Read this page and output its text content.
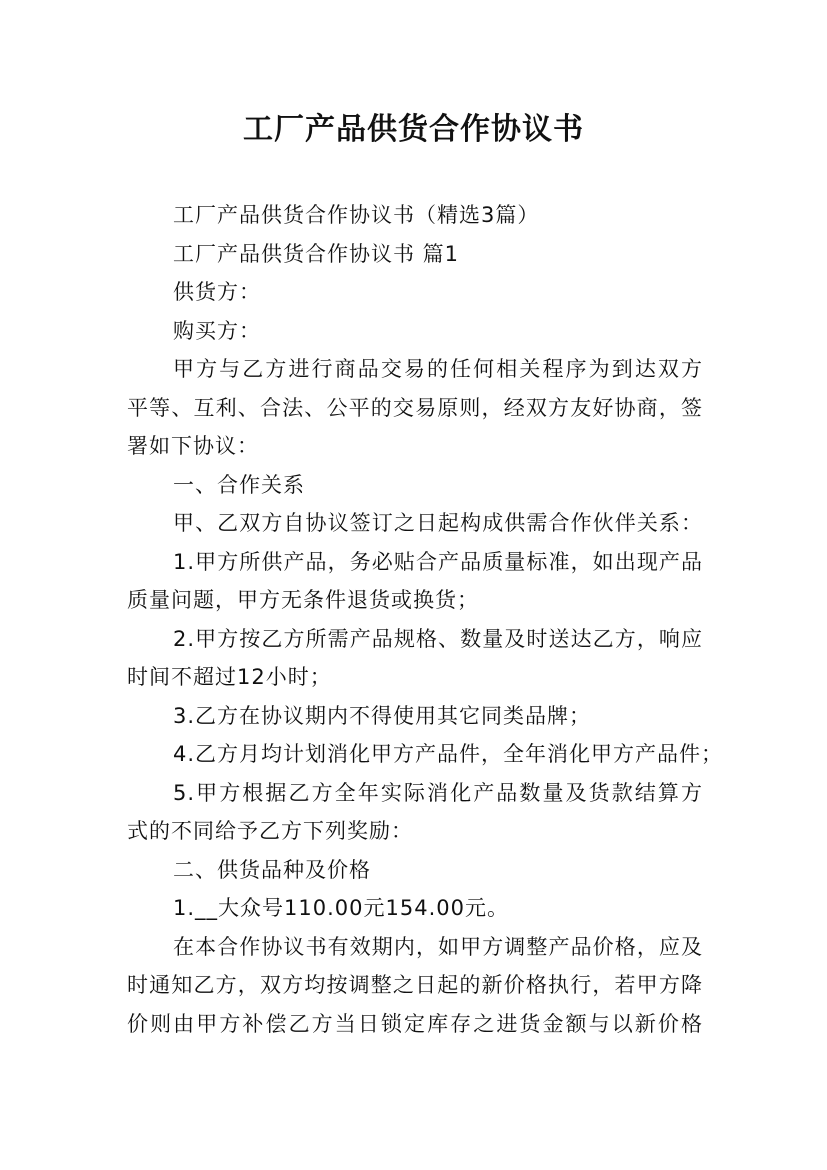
工厂产品供货合作协议书
工厂产品供货合作协议书（精选3篇）
工厂产品供货合作协议书 篇1
供货方：
购买方：
甲方与乙方进行商品交易的任何相关程序为到达双方
平等、互利、合法、公平的交易原则，经双方友好协商，签
署如下协议：
一、合作关系
甲、乙双方自协议签订之日起构成供需合作伙伴关系：
1.甲方所供产品，务必贴合产品质量标准，如出现产品
质量问题，甲方无条件退货或换货；
2.甲方按乙方所需产品规格、数量及时送达乙方，响应
时间不超过12小时；
3.乙方在协议期内不得使用其它同类品牌；
4.乙方月均计划消化甲方产品件，全年消化甲方产品件；
5.甲方根据乙方全年实际消化产品数量及货款结算方
式的不同给予乙方下列奖励：
二、供货品种及价格
1.__大众号110.00元154.00元。
在本合作协议书有效期内，如甲方调整产品价格，应及
时通知乙方，双方均按调整之日起的新价格执行，若甲方降
价则由甲方补偿乙方当日锁定库存之进货金额与以新价格
